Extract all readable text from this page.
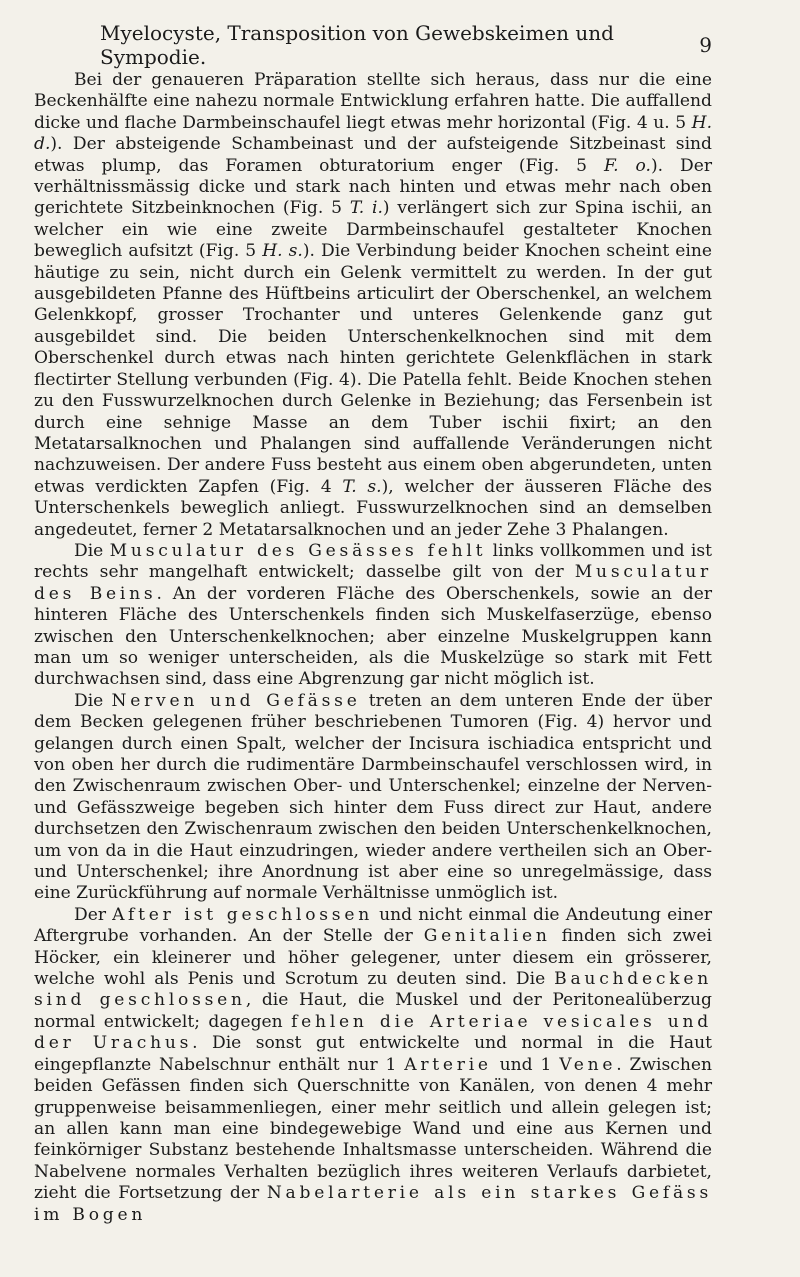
Myelocyste, Transposition von Gewebskeimen und Sympodie.	9

Bei der genaueren Präparation stellte sich heraus, dass nur die eine Beckenhälfte eine nahezu normale Entwicklung erfahren hatte. Die auffallend dicke und flache Darmbeinschaufel liegt etwas mehr horizontal (Fig. 4 u. 5 H. d.). Der absteigende Schambeinast und der aufsteigende Sitzbeinast sind etwas plump, das Foramen obturatorium enger (Fig. 5 F. o.). Der verhältnissmässig dicke und stark nach hinten und etwas mehr nach oben gerichtete Sitzbeinknochen (Fig. 5 T. i.) verlängert sich zur Spina ischii, an welcher ein wie eine zweite Darmbeinschaufel gestalteter Knochen beweglich aufsitzt (Fig. 5 H. s.). Die Verbindung beider Knochen scheint eine häutige zu sein, nicht durch ein Gelenk vermittelt zu werden. In der gut ausgebildeten Pfanne des Hüftbeins articulirt der Oberschenkel, an welchem Gelenkkopf, grosser Trochanter und unteres Gelenkende ganz gut ausgebildet sind. Die beiden Unterschenkelknochen sind mit dem Oberschenkel durch etwas nach hinten gerichtete Gelenkflächen in stark flectirter Stellung verbunden (Fig. 4). Die Patella fehlt. Beide Knochen stehen zu den Fusswurzelknochen durch Gelenke in Beziehung; das Fersenbein ist durch eine sehnige Masse an dem Tuber ischii fixirt; an den Metatarsalknochen und Phalangen sind auffallende Veränderungen nicht nachzuweisen. Der andere Fuss besteht aus einem oben abgerundeten, unten etwas verdickten Zapfen (Fig. 4 T. s.), welcher der äusseren Fläche des Unterschenkels beweglich anliegt. Fusswurzelknochen sind an demselben angedeutet, ferner 2 Metatarsalknochen und an jeder Zehe 3 Phalangen.

Die Musculatur des Gesässes fehlt links vollkommen und ist rechts sehr mangelhaft entwickelt; dasselbe gilt von der Musculatur des Beins. An der vorderen Fläche des Oberschenkels, sowie an der hinteren Fläche des Unterschenkels finden sich Muskelfaserzüge, ebenso zwischen den Unterschenkelknochen; aber einzelne Muskelgruppen kann man um so weniger unterscheiden, als die Muskelzüge so stark mit Fett durchwachsen sind, dass eine Abgrenzung gar nicht möglich ist.

Die Nerven und Gefässe treten an dem unteren Ende der über dem Becken gelegenen früher beschriebenen Tumoren (Fig. 4) hervor und gelangen durch einen Spalt, welcher der Incisura ischiadica entspricht und von oben her durch die rudimentäre Darmbeinschaufel verschlossen wird, in den Zwischenraum zwischen Ober- und Unterschenkel; einzelne der Nerven- und Gefässzweige begeben sich hinter dem Fuss direct zur Haut, andere durchsetzen den Zwischenraum zwischen den beiden Unterschenkelknochen, um von da in die Haut einzudringen, wieder andere vertheilen sich an Ober- und Unterschenkel; ihre Anordnung ist aber eine so unregelmässige, dass eine Zurückführung auf normale Verhältnisse unmöglich ist.

Der After ist geschlossen und nicht einmal die Andeutung einer Aftergrube vorhanden. An der Stelle der Genitalien finden sich zwei Höcker, ein kleinerer und höher gelegener, unter diesem ein grösserer, welche wohl als Penis und Scrotum zu deuten sind. Die Bauchdecken sind geschlossen, die Haut, die Muskel und der Peritonealüberzug normal entwickelt; dagegen fehlen die Arteriae vesicales und der Urachus. Die sonst gut entwickelte und normal in die Haut eingepflanzte Nabelschnur enthält nur 1 Arterie und 1 Vene. Zwischen beiden Gefässen finden sich Querschnitte von Kanälen, von denen 4 mehr gruppenweise beisammenliegen, einer mehr seitlich und allein gelegen ist; an allen kann man eine bindegewebige Wand und eine aus Kernen und feinkörniger Substanz bestehende Inhaltsmasse unterscheiden. Während die Nabelvene normales Verhalten bezüglich ihres weiteren Verlaufs darbietet, zieht die Fortsetzung der Nabelarterie als ein starkes Gefäss im Bogen
